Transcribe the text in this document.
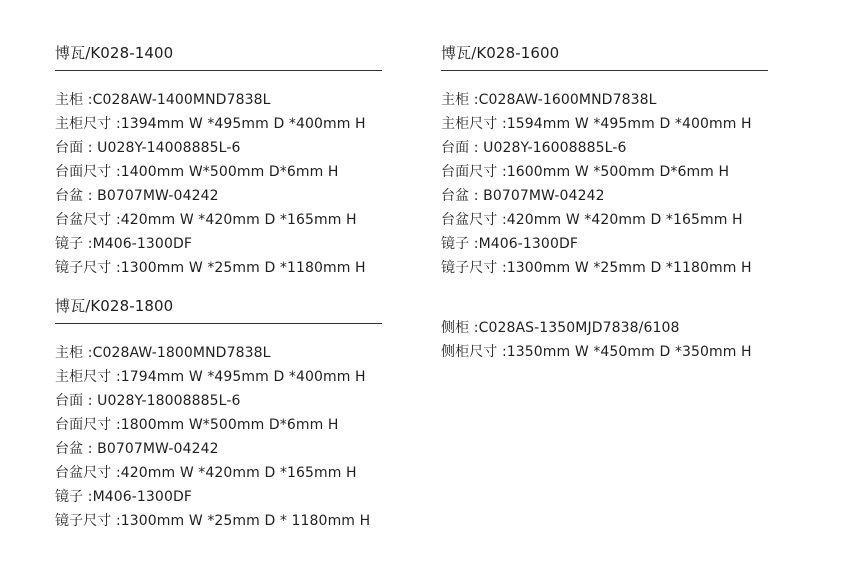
博瓦/K028-1400
主柜 :C028AW-1400MND7838L
主柜尺寸 :1394mm W *495mm D *400mm H
台面 : U028Y-14008885L-6
台面尺寸 :1400mm W*500mm D*6mm H
台盆 : B0707MW-04242
台盆尺寸 :420mm W *420mm D *165mm H
镜子 :M406-1300DF
镜子尺寸 :1300mm W *25mm D *1180mm H
博瓦/K028-1600
主柜 :C028AW-1600MND7838L
主柜尺寸 :1594mm W *495mm D *400mm H
台面 : U028Y-16008885L-6
台面尺寸 :1600mm W *500mm D*6mm H
台盆 : B0707MW-04242
台盆尺寸 :420mm W *420mm D *165mm H
镜子 :M406-1300DF
镜子尺寸 :1300mm W *25mm D *1180mm H
博瓦/K028-1800
主柜 :C028AW-1800MND7838L
主柜尺寸 :1794mm W *495mm D *400mm H
台面 : U028Y-18008885L-6
台面尺寸 :1800mm W*500mm D*6mm H
台盆 : B0707MW-04242
台盆尺寸 :420mm W *420mm D *165mm H
镜子 :M406-1300DF
镜子尺寸 :1300mm W *25mm D * 1180mm H
侧柜 :C028AS-1350MJD7838/6108
侧柜尺寸 :1350mm W *450mm D *350mm H
